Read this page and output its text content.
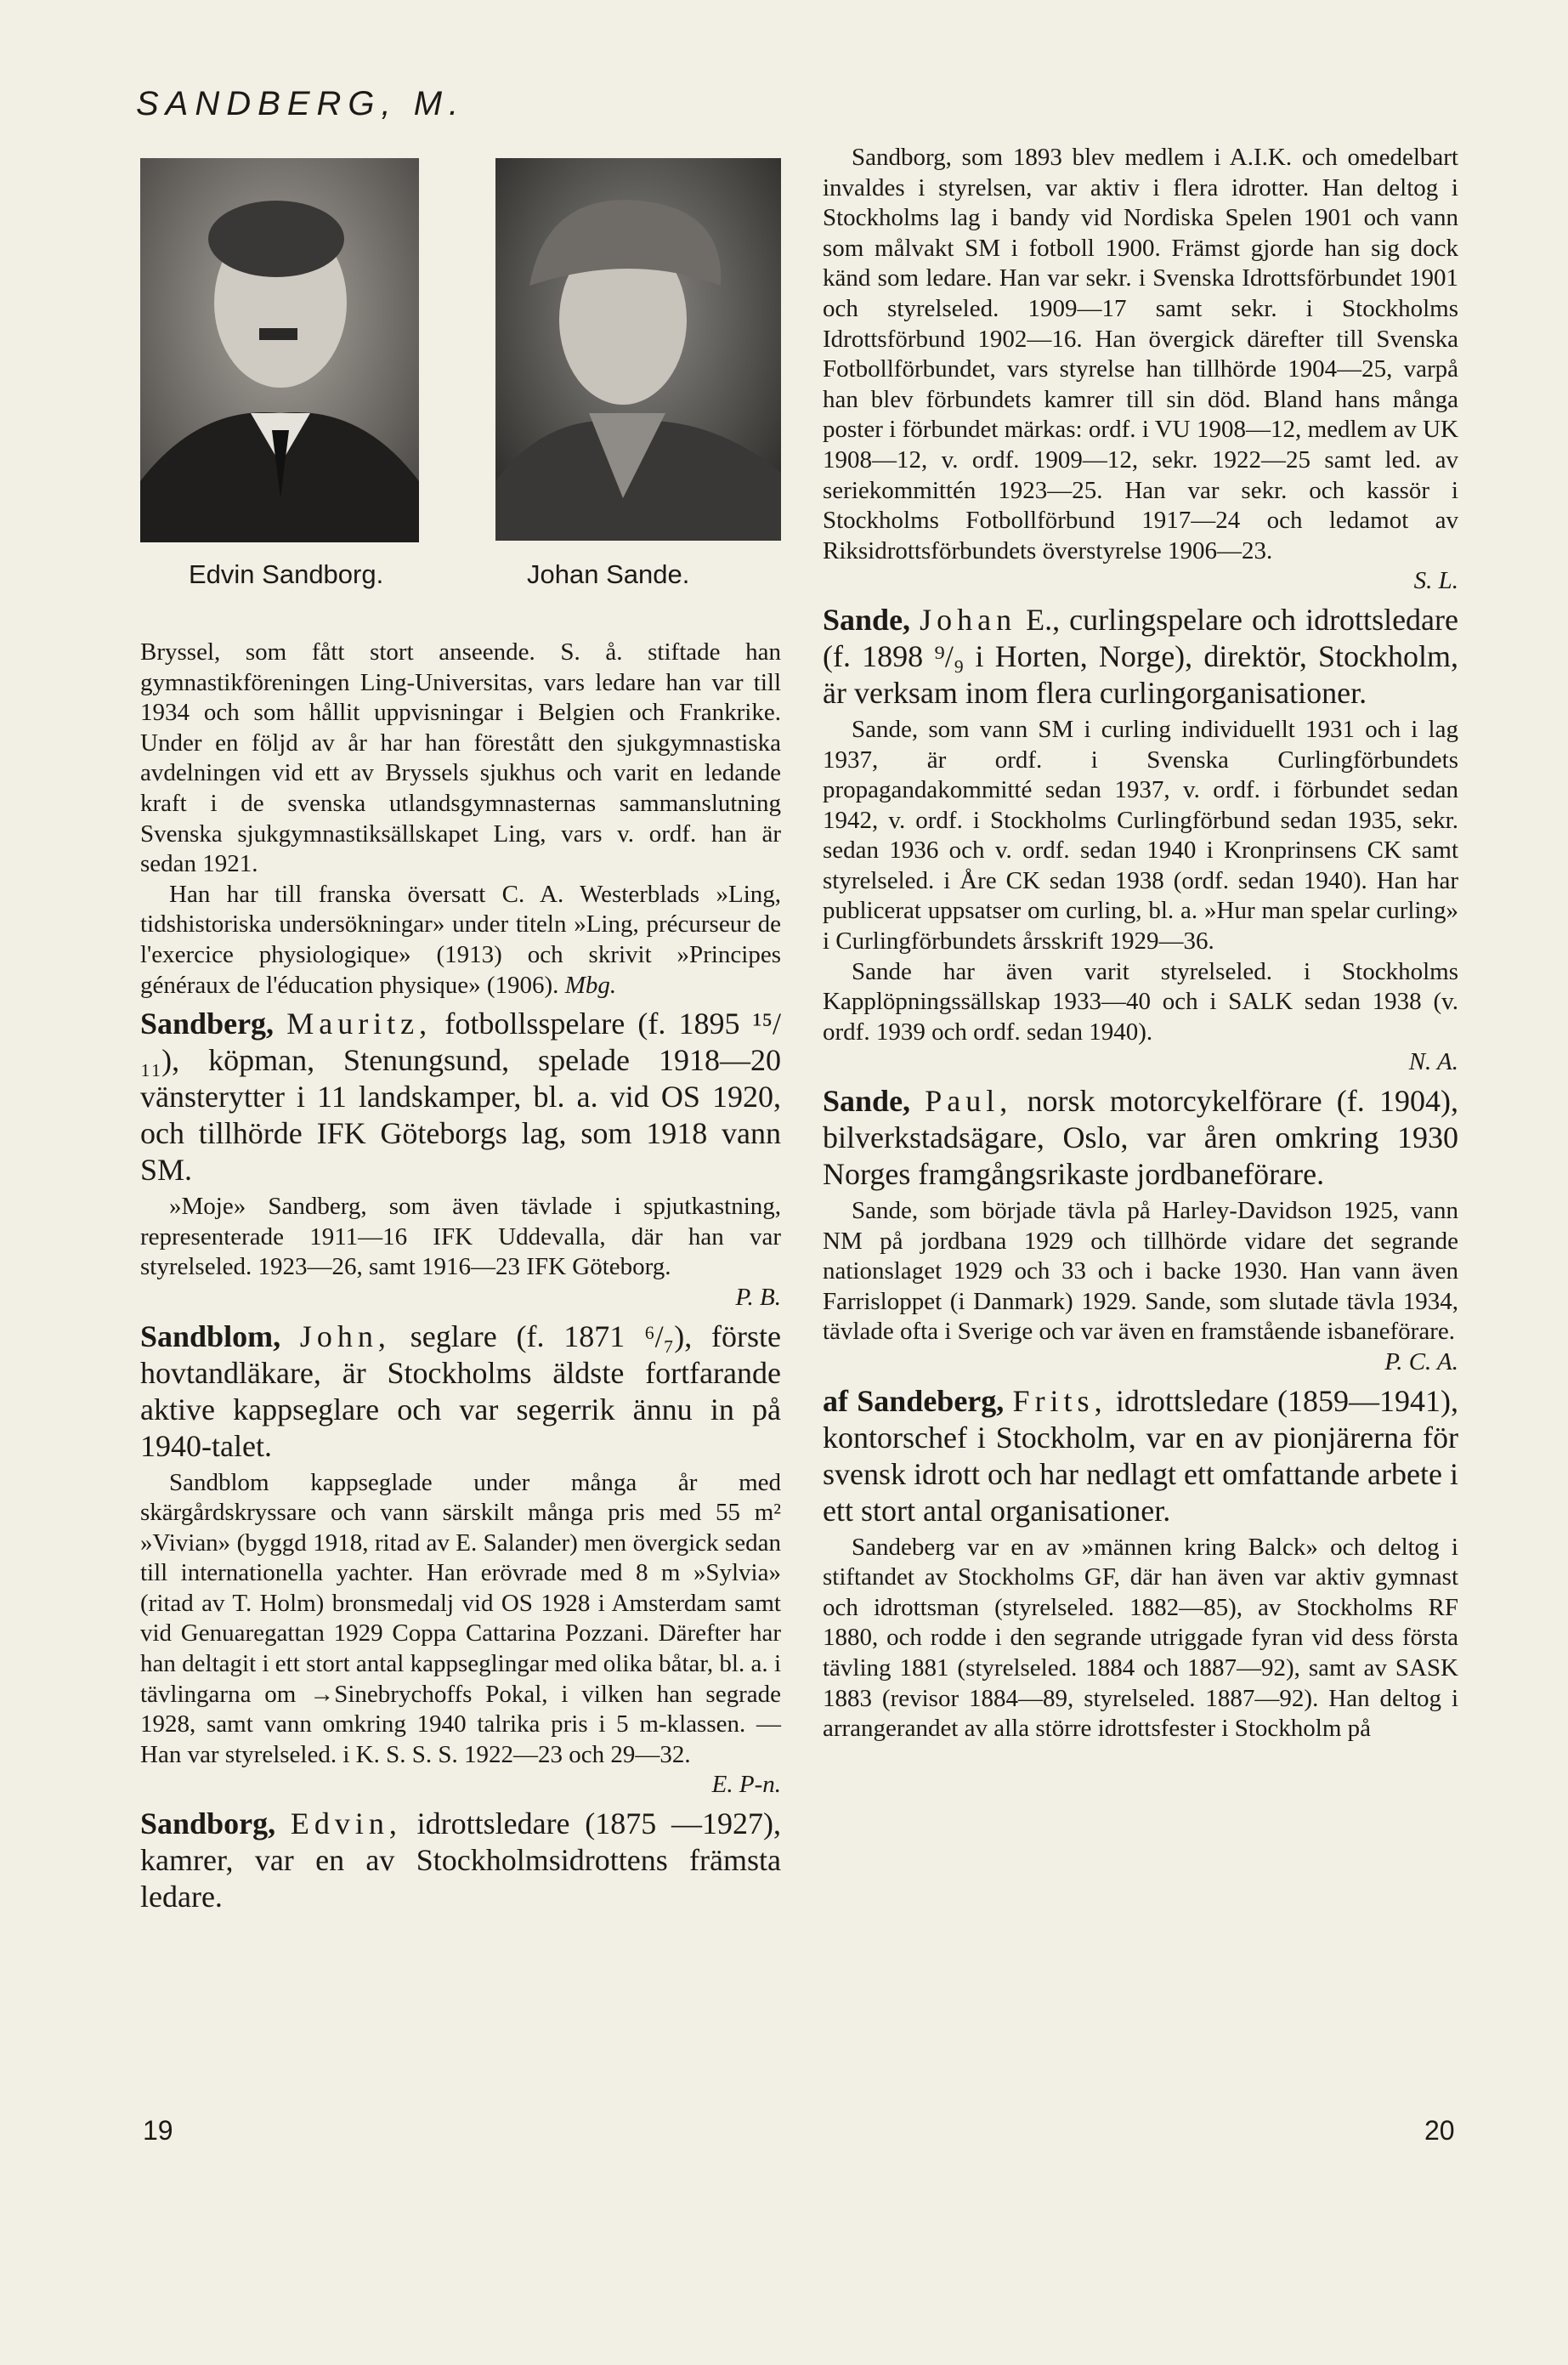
SANDBERG, M.
Edvin Sandborg.	Johan Sande.

Bryssel, som fått stort anseende. S. å. stiftade han gymnastikföreningen Ling-Universitas, vars ledare han var till 1934 och som hållit uppvisningar i Belgien och Frankrike. Under en följd av år har han förestått den sjukgymnastiska avdelningen vid ett av Bryssels sjukhus och varit en ledande kraft i de svenska utlandsgymnasternas sammanslutning Svenska sjukgymnastiksällskapet Ling, vars v. ordf. han är sedan 1921.

Han har till franska översatt C. A. Westerblads »Ling, tidshistoriska undersökningar» under titeln »Ling, précurseur de l'exercice physiologique» (1913) och skrivit »Principes généraux de l'éducation physique» (1906). Mbg.

Sandberg, Mauritz, fotbollsspelare (f. 1895 ¹⁵/₁₁), köpman, Stenungsund, spelade 1918—20 vänsterytter i 11 landskamper, bl. a. vid OS 1920, och tillhörde IFK Göteborgs lag, som 1918 vann SM.

»Moje» Sandberg, som även tävlade i spjutkastning, representerade 1911—16 IFK Uddevalla, där han var styrelseled. 1923—26, samt 1916—23 IFK Göteborg.

P. B.
Sandblom, John, seglare (f. 1871 ⁶/₇), förste hovtandläkare, är Stockholms äldste fortfarande aktive kappseglare och var segerrik ännu in på 1940-talet.

Sandblom kappseglade under många år med skärgårdskryssare och vann särskilt många pris med 55 m² »Vivian» (byggd 1918, ritad av E. Salander) men övergick sedan till internationella yachter. Han erövrade med 8 m »Sylvia» (ritad av T. Holm) bronsmedalj vid OS 1928 i Amsterdam samt vid Genuaregattan 1929 Coppa Cattarina Pozzani. Därefter har han deltagit i ett stort antal kappseglingar med olika båtar, bl. a. i tävlingarna om →Sinebrychoffs Pokal, i vilken han segrade 1928, samt vann omkring 1940 talrika pris i 5 m-klassen. — Han var styrelseled. i K. S. S. S. 1922—23 och 29—32.

E. P-n.
Sandborg, Edvin, idrottsledare (1875 —1927), kamrer, var en av Stockholmsidrottens främsta ledare.

Sandborg, som 1893 blev medlem i A.I.K. och omedelbart invaldes i styrelsen, var aktiv i flera idrotter. Han deltog i Stockholms lag i bandy vid Nordiska Spelen 1901 och vann som målvakt SM i fotboll 1900. Främst gjorde han sig dock känd som ledare. Han var sekr. i Svenska Idrottsförbundet 1901 och styrelseled. 1909—17 samt sekr. i Stockholms Idrottsförbund 1902—16. Han övergick därefter till Svenska Fotbollförbundet, vars styrelse han tillhörde 1904—25, varpå han blev förbundets kamrer till sin död. Bland hans många poster i förbundet märkas: ordf. i VU 1908—12, medlem av UK 1908—12, v. ordf. 1909—12, sekr. 1922—25 samt led. av seriekommittén 1923—25. Han var sekr. och kassör i Stockholms Fotbollförbund 1917—24 och ledamot av Riksidrottsförbundets överstyrelse 1906—23.

S. L.
Sande, Johan E., curlingspelare och idrottsledare (f. 1898 ⁹/₉ i Horten, Norge), direktör, Stockholm, är verksam inom flera curlingorganisationer.

Sande, som vann SM i curling individuellt 1931 och i lag 1937, är ordf. i Svenska Curlingförbundets propagandakommitté sedan 1937, v. ordf. i förbundet sedan 1942, v. ordf. i Stockholms Curlingförbund sedan 1935, sekr. sedan 1936 och v. ordf. sedan 1940 i Kronprinsens CK samt styrelseled. i Åre CK sedan 1938 (ordf. sedan 1940). Han har publicerat uppsatser om curling, bl. a. »Hur man spelar curling» i Curlingförbundets årsskrift 1929—36.

Sande har även varit styrelseled. i Stockholms Kapplöpningssällskap 1933—40 och i SALK sedan 1938 (v. ordf. 1939 och ordf. sedan 1940).

N. A.
Sande, Paul, norsk motorcykelförare (f. 1904), bilverkstadsägare, Oslo, var åren omkring 1930 Norges framgångsrikaste jordbaneförare.

Sande, som började tävla på Harley-Davidson 1925, vann NM på jordbana 1929 och tillhörde vidare det segrande nationslaget 1929 och 33 och i backe 1930. Han vann även Farrisloppet (i Danmark) 1929. Sande, som slutade tävla 1934, tävlade ofta i Sverige och var även en framstående isbaneförare.

P. C. A.
af Sandeberg, Frits, idrottsledare (1859—1941), kontorschef i Stockholm, var en av pionjärerna för svensk idrott och har nedlagt ett omfattande arbete i ett stort antal organisationer.

Sandeberg var en av »männen kring Balck» och deltog i stiftandet av Stockholms GF, där han även var aktiv gymnast och idrottsman (styrelseled. 1882—85), av Stockholms RF 1880, och rodde i den segrande utriggade fyran vid dess första tävling 1881 (styrelseled. 1884 och 1887—92), samt av SASK 1883 (revisor 1884—89, styrelseled. 1887—92). Han deltog i arrangerandet av alla större idrottsfester i Stockholm på

19	20
